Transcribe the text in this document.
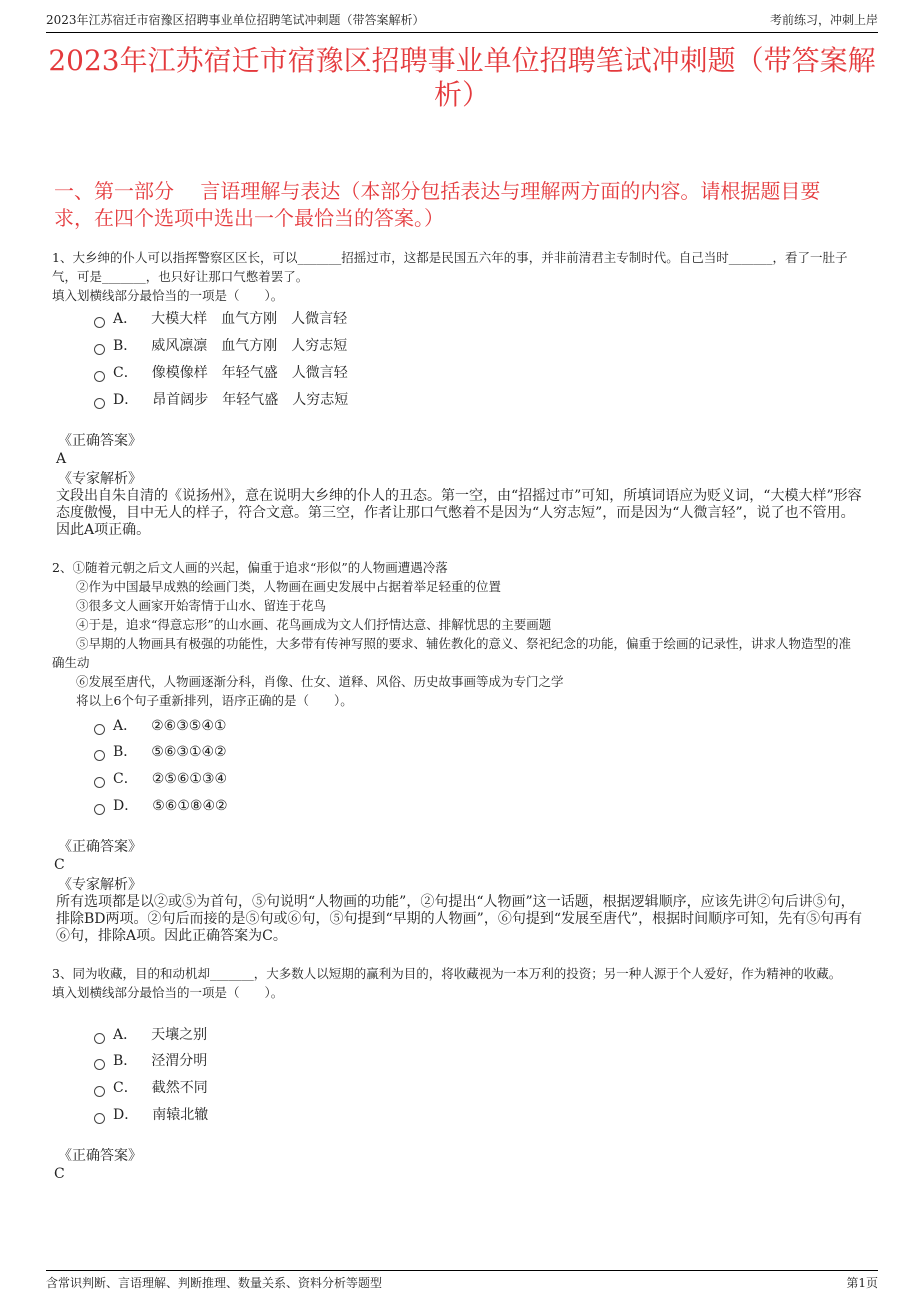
2023年江苏宿迁市宿豫区招聘事业单位招聘笔试冲刺题（带答案解析）	考前练习，冲刺上岸
2023年江苏宿迁市宿豫区招聘事业单位招聘笔试冲刺题（带答案解析）
一、第一部分　 言语理解与表达（本部分包括表达与理解两方面的内容。请根据题目要求，在四个选项中选出一个最恰当的答案。）

1、大乡绅的仆人可以指挥警察区区长，可以_______招摇过市，这都是民国五六年的事，并非前清君主专制时代。自己当时_______，看了一肚子气，可是_______，也只好让那口气憋着罢了。

填入划横线部分最恰当的一项是（　　）。

A． 大模大样　血气方刚　人微言轻
B． 威风凛凛　血气方刚　人穷志短
C． 像模像样　年轻气盛　人微言轻
D． 昂首阔步　年轻气盛　人穷志短
《正确答案》
A
《专家解析》
文段出自朱自清的《说扬州》，意在说明大乡绅的仆人的丑态。第一空，由“招摇过市”可知，所填词语应为贬义词，“大模大样”形容态度傲慢，目中无人的样子，符合文意。第三空，作者让那口气憋着不是因为“人穷志短”，而是因为“人微言轻”，说了也不管用。因此A项正确。

2、①随着元朝之后文人画的兴起，偏重于追求“形似”的人物画遭遇冷落

②作为中国最早成熟的绘画门类，人物画在画史发展中占据着举足轻重的位置

③很多文人画家开始寄情于山水、留连于花鸟

④于是，追求“得意忘形”的山水画、花鸟画成为文人们抒情达意、排解忧思的主要画题

⑤早期的人物画具有极强的功能性，大多带有传神写照的要求、辅佐教化的意义、祭祀纪念的功能，偏重于绘画的记录性，讲求人物造型的准确生动

⑥发展至唐代，人物画逐渐分科，肖像、仕女、道释、风俗、历史故事画等成为专门之学

将以上6个句子重新排列，语序正确的是（　　）。

A． ②⑥③⑤④①
B． ⑤⑥③①④②
C． ②⑤⑥①③④
D． ⑤⑥①⑧④②
《正确答案》
C
《专家解析》
所有选项都是以②或⑤为首句，⑤句说明“人物画的功能”，②句提出“人物画”这一话题，根据逻辑顺序，应该先讲②句后讲⑤句，排除BD两项。②句后而接的是⑤句或⑥句，⑤句提到“早期的人物画”，⑥句提到“发展至唐代”，根据时间顺序可知，先有⑤句再有⑥句，排除A项。因此正确答案为C。

3、同为收藏，目的和动机却_______，大多数人以短期的赢利为目的，将收藏视为一本万利的投资；另一种人源于个人爱好，作为精神的收藏。

填入划横线部分最恰当的一项是（　　）。

A． 天壤之别
B． 泾渭分明
C． 截然不同
D． 南辕北辙
《正确答案》
C
含常识判断、言语理解、判断推理、数量关系、资料分析等题型	第1页
